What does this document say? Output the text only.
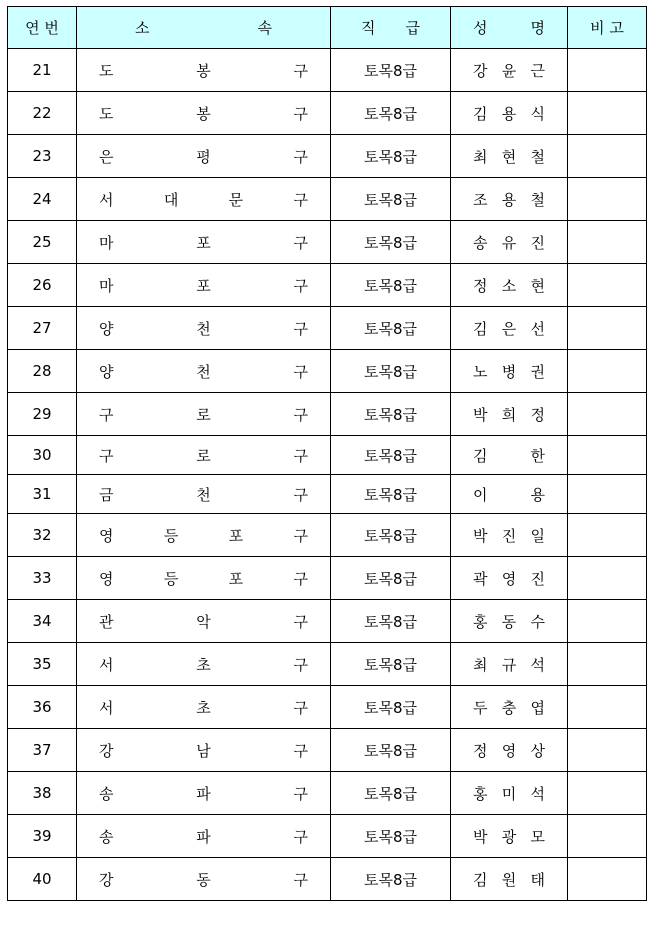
연 번	소 속	직 급	성 명	비 고
21	도 봉 구	토목8급	강 윤 근	

22	도 봉 구	토목8급	김 용 식	

23	은 평 구	토목8급	최 현 철	

24	서 대 문 구	토목8급	조 용 철	

25	마 포 구	토목8급	송 유 진	

26	마 포 구	토목8급	정 소 현	

27	양 천 구	토목8급	김 은 선	

28	양 천 구	토목8급	노 병 권	

29	구 로 구	토목8급	박 희 정	

30	구 로 구	토목8급	김 한	

31	금 천 구	토목8급	이 용	

32	영 등 포 구	토목8급	박 진 일	

33	영 등 포 구	토목8급	곽 영 진	

34	관 악 구	토목8급	홍 동 수	

35	서 초 구	토목8급	최 규 석	

36	서 초 구	토목8급	두 충 엽	

37	강 남 구	토목8급	정 영 상	

38	송 파 구	토목8급	홍 미 석	

39	송 파 구	토목8급	박 광 모	

40	강 동 구	토목8급	김 원 태	
